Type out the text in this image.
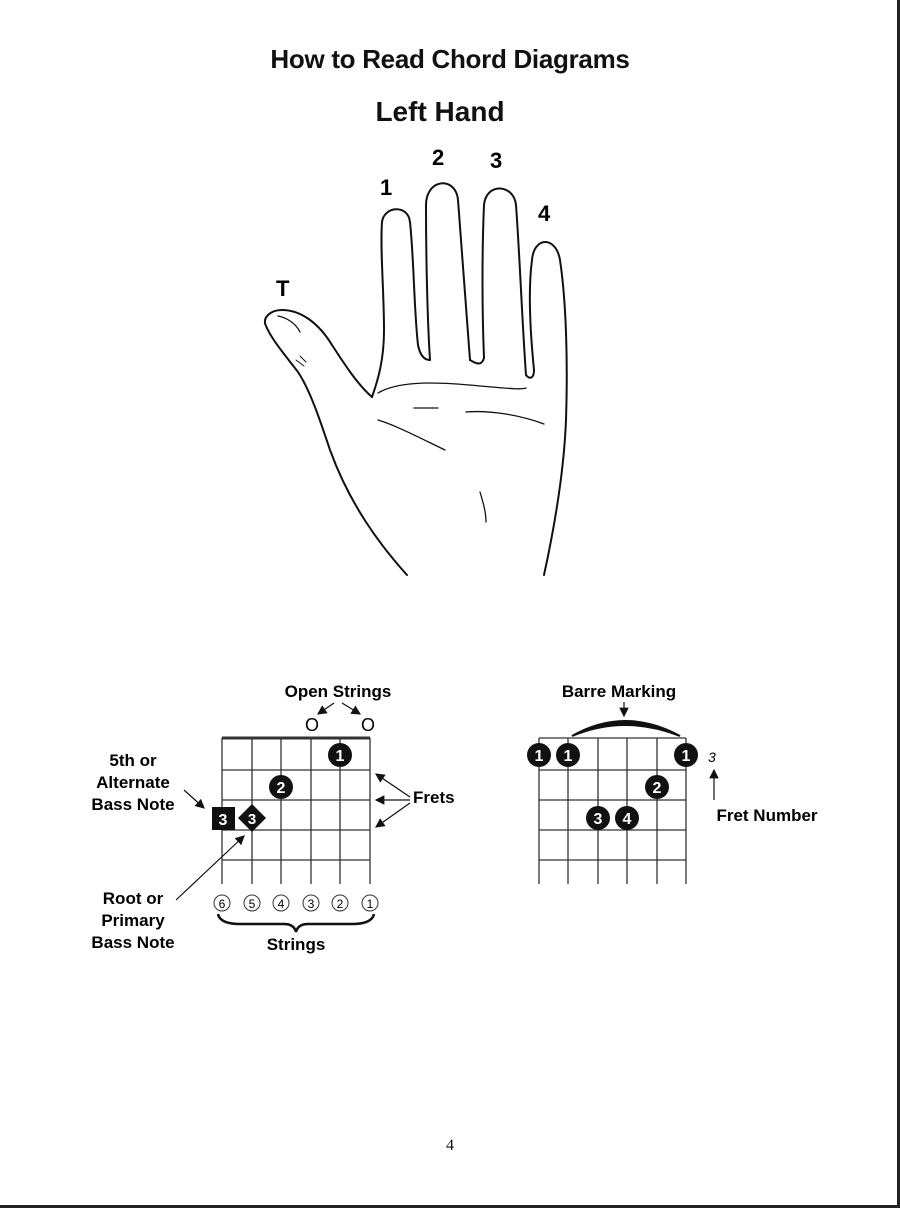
How to Read Chord Diagrams
Left Hand
T
1
2 3
4
Open Strings
O O
1
2
3 3
Frets
5th or
Alternate
Bass Note
Root or
Primary
Bass Note
6 5 4 3 2 1
Strings
Barre Marking
1 1	1
2
3 4
3
Fret Number
4
